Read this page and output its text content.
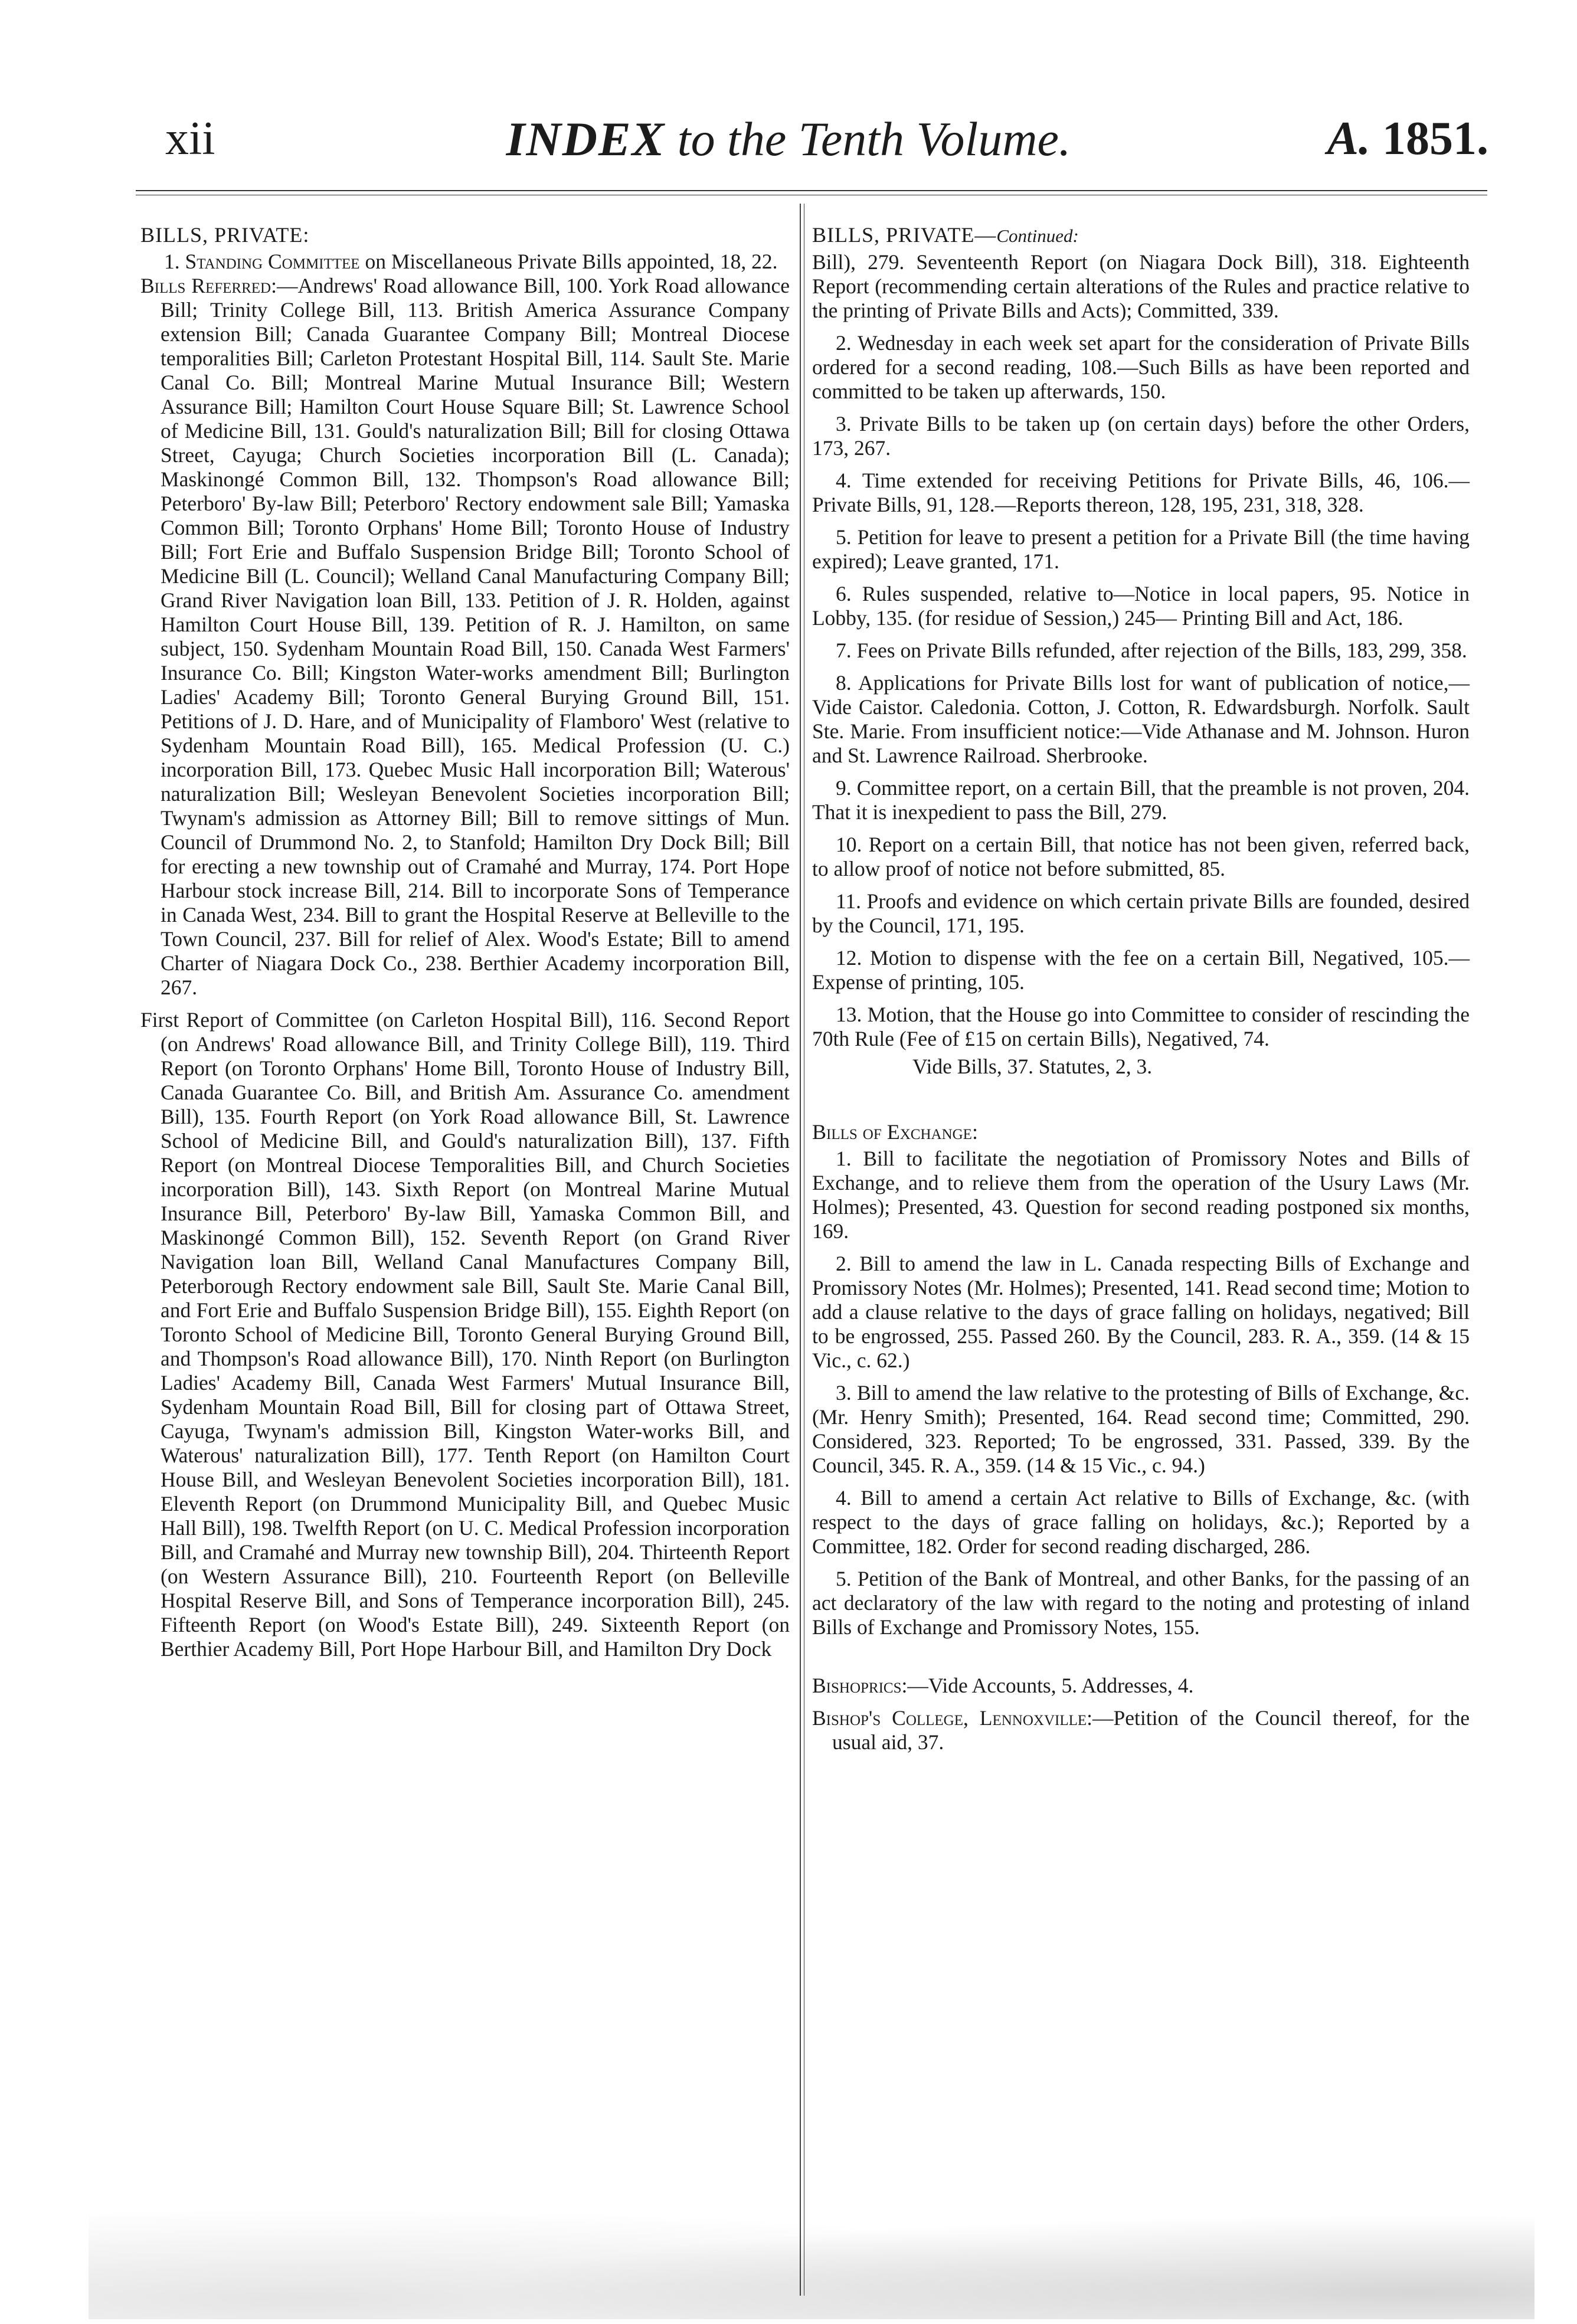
xii	INDEX to the Tenth Volume.	A. 1851.

BILLS, PRIVATE:

1. Standing Committee on Miscellaneous Private Bills appointed, 18, 22.

Bills Referred:—Andrews' Road allowance Bill, 100. York Road allowance Bill; Trinity College Bill, 113. British America Assurance Company extension Bill; Canada Guarantee Company Bill; Montreal Diocese temporalities Bill; Carleton Protestant Hospital Bill, 114. Sault Ste. Marie Canal Co. Bill; Montreal Marine Mutual Insurance Bill; Western Assurance Bill; Hamilton Court House Square Bill; St. Lawrence School of Medicine Bill, 131. Gould's naturalization Bill; Bill for closing Ottawa Street, Cayuga; Church Societies incorporation Bill (L. Canada); Maskinongé Common Bill, 132. Thompson's Road allowance Bill; Peterboro' By-law Bill; Peterboro' Rectory endowment sale Bill; Yamaska Common Bill; Toronto Orphans' Home Bill; Toronto House of Industry Bill; Fort Erie and Buffalo Suspension Bridge Bill; Toronto School of Medicine Bill (L. Council); Welland Canal Manufacturing Company Bill; Grand River Navigation loan Bill, 133. Petition of J. R. Holden, against Hamilton Court House Bill, 139. Petition of R. J. Hamilton, on same subject, 150. Sydenham Mountain Road Bill, 150. Canada West Farmers' Insurance Co. Bill; Kingston Water-works amendment Bill; Burlington Ladies' Academy Bill; Toronto General Burying Ground Bill, 151. Petitions of J. D. Hare, and of Municipality of Flamboro' West (relative to Sydenham Mountain Road Bill), 165. Medical Profession (U. C.) incorporation Bill, 173. Quebec Music Hall incorporation Bill; Waterous' naturalization Bill; Wesleyan Benevolent Societies incorporation Bill; Twynam's admission as Attorney Bill; Bill to remove sittings of Mun. Council of Drummond No. 2, to Stanfold; Hamilton Dry Dock Bill; Bill for erecting a new township out of Cramahé and Murray, 174. Port Hope Harbour stock increase Bill, 214. Bill to incorporate Sons of Temperance in Canada West, 234. Bill to grant the Hospital Reserve at Belleville to the Town Council, 237. Bill for relief of Alex. Wood's Estate; Bill to amend Charter of Niagara Dock Co., 238. Berthier Academy incorporation Bill, 267.

First Report of Committee (on Carleton Hospital Bill), 116. Second Report (on Andrews' Road allowance Bill, and Trinity College Bill), 119. Third Report (on Toronto Orphans' Home Bill, Toronto House of Industry Bill, Canada Guarantee Co. Bill, and British Am. Assurance Co. amendment Bill), 135. Fourth Report (on York Road allowance Bill, St. Lawrence School of Medicine Bill, and Gould's naturalization Bill), 137. Fifth Report (on Montreal Diocese Temporalities Bill, and Church Societies incorporation Bill), 143. Sixth Report (on Montreal Marine Mutual Insurance Bill, Peterboro' By-law Bill, Yamaska Common Bill, and Maskinongé Common Bill), 152. Seventh Report (on Grand River Navigation loan Bill, Welland Canal Manufactures Company Bill, Peterborough Rectory endowment sale Bill, Sault Ste. Marie Canal Bill, and Fort Erie and Buffalo Suspension Bridge Bill), 155. Eighth Report (on Toronto School of Medicine Bill, Toronto General Burying Ground Bill, and Thompson's Road allowance Bill), 170. Ninth Report (on Burlington Ladies' Academy Bill, Canada West Farmers' Mutual Insurance Bill, Sydenham Mountain Road Bill, Bill for closing part of Ottawa Street, Cayuga, Twynam's admission Bill, Kingston Water-works Bill, and Waterous' naturalization Bill), 177. Tenth Report (on Hamilton Court House Bill, and Wesleyan Benevolent Societies incorporation Bill), 181. Eleventh Report (on Drummond Municipality Bill, and Quebec Music Hall Bill), 198. Twelfth Report (on U. C. Medical Profession incorporation Bill, and Cramahé and Murray new township Bill), 204. Thirteenth Report (on Western Assurance Bill), 210. Fourteenth Report (on Belleville Hospital Reserve Bill, and Sons of Temperance incorporation Bill), 245. Fifteenth Report (on Wood's Estate Bill), 249. Sixteenth Report (on Berthier Academy Bill, Port Hope Harbour Bill, and Hamilton Dry Dock

BILLS, PRIVATE—Continued:

Bill), 279. Seventeenth Report (on Niagara Dock Bill), 318. Eighteenth Report (recommending certain alterations of the Rules and practice relative to the printing of Private Bills and Acts); Committed, 339.

2. Wednesday in each week set apart for the consideration of Private Bills ordered for a second reading, 108.—Such Bills as have been reported and committed to be taken up afterwards, 150.

3. Private Bills to be taken up (on certain days) before the other Orders, 173, 267.

4. Time extended for receiving Petitions for Private Bills, 46, 106.—Private Bills, 91, 128.—Reports thereon, 128, 195, 231, 318, 328.

5. Petition for leave to present a petition for a Private Bill (the time having expired); Leave granted, 171.

6. Rules suspended, relative to—Notice in local papers, 95. Notice in Lobby, 135. (for residue of Session,) 245— Printing Bill and Act, 186.

7. Fees on Private Bills refunded, after rejection of the Bills, 183, 299, 358.

8. Applications for Private Bills lost for want of publication of notice,—Vide Caistor. Caledonia. Cotton, J. Cotton, R. Edwardsburgh. Norfolk. Sault Ste. Marie. From insufficient notice:—Vide Athanase and M. Johnson. Huron and St. Lawrence Railroad. Sherbrooke.

9. Committee report, on a certain Bill, that the preamble is not proven, 204. That it is inexpedient to pass the Bill, 279.

10. Report on a certain Bill, that notice has not been given, referred back, to allow proof of notice not before submitted, 85.

11. Proofs and evidence on which certain private Bills are founded, desired by the Council, 171, 195.

12. Motion to dispense with the fee on a certain Bill, Negatived, 105.—Expense of printing, 105.

13. Motion, that the House go into Committee to consider of rescinding the 70th Rule (Fee of £15 on certain Bills), Negatived, 74.

Vide Bills, 37. Statutes, 2, 3.

Bills of Exchange:

1. Bill to facilitate the negotiation of Promissory Notes and Bills of Exchange, and to relieve them from the operation of the Usury Laws (Mr. Holmes); Presented, 43. Question for second reading postponed six months, 169.

2. Bill to amend the law in L. Canada respecting Bills of Exchange and Promissory Notes (Mr. Holmes); Presented, 141. Read second time; Motion to add a clause relative to the days of grace falling on holidays, negatived; Bill to be engrossed, 255. Passed 260. By the Council, 283. R. A., 359. (14 & 15 Vic., c. 62.)

3. Bill to amend the law relative to the protesting of Bills of Exchange, &c. (Mr. Henry Smith); Presented, 164. Read second time; Committed, 290. Considered, 323. Reported; To be engrossed, 331. Passed, 339. By the Council, 345. R. A., 359. (14 & 15 Vic., c. 94.)

4. Bill to amend a certain Act relative to Bills of Exchange, &c. (with respect to the days of grace falling on holidays, &c.); Reported by a Committee, 182. Order for second reading discharged, 286.

5. Petition of the Bank of Montreal, and other Banks, for the passing of an act declaratory of the law with regard to the noting and protesting of inland Bills of Exchange and Promissory Notes, 155.

Bishoprics:—Vide Accounts, 5. Addresses, 4.

Bishop's College, Lennoxville:—Petition of the Council thereof, for the usual aid, 37.
